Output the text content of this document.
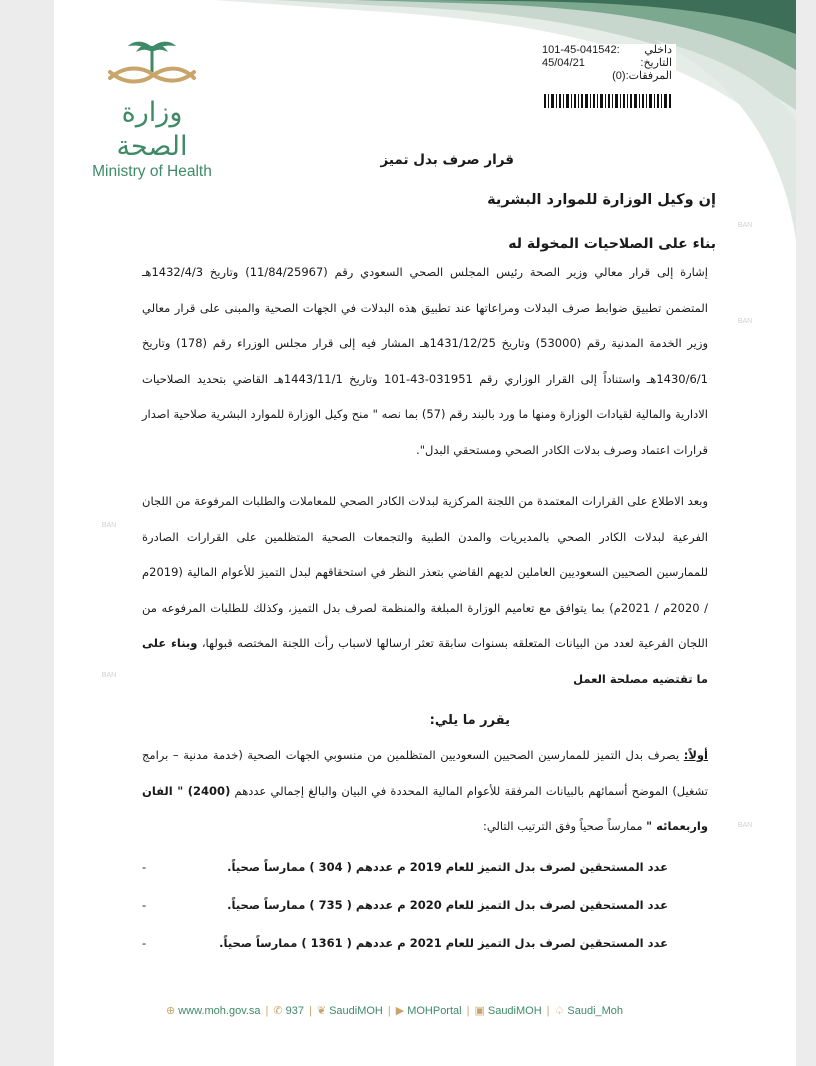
وزارة الصحة
Ministry of Health
داخلي
101-45-041542:
التاريخ:
45/04/21
المرفقات:(0)
BAN
BAN
BAN
BAN
BAN
BAN
قرار صرف بدل تميز
إن وكيل الوزارة للموارد البشرية
بناء على الصلاحيات المخولة له

إشارة إلى قرار معالي وزير الصحة رئيس المجلس الصحي السعودي رقم (11/84/25967) وتاريخ 1432/4/3هـ المتضمن تطبيق ضوابط صرف البدلات ومراعاتها عند تطبيق هذه البدلات في الجهات الصحية والمبنى على قرار معالي وزير الخدمة المدنية رقم (53000) وتاريخ 1431/12/25هـ المشار فيه إلى قرار مجلس الوزراء رقم (178) وتاريخ 1430/6/1هـ واستناداً إلى القرار الوزاري رقم 031951-43-101 وتاريخ 1443/11/1هـ القاضي بتحديد الصلاحيات الادارية والمالية لقيادات الوزارة ومنها ما ورد بالبند رقم (57) بما نصه " منح وكيل الوزارة للموارد البشرية صلاحية اصدار قرارات اعتماد وصرف بدلات الكادر الصحي ومستحقي البدل".

وبعد الاطلاع على القرارات المعتمدة من اللجنة المركزية لبدلات الكادر الصحي للمعاملات والطلبات المرفوعة من اللجان الفرعية لبدلات الكادر الصحي بالمديريات والمدن الطبية والتجمعات الصحية المتظلمين على القرارات الصادرة للممارسين الصحيين السعوديين العاملين لديهم القاضي بتعذر النظر في استحقاقهم لبدل التميز للأعوام المالية (2019م / 2020م / 2021م) بما يتوافق مع تعاميم الوزارة المبلغة والمنظمة لصرف بدل التميز، وكذلك للطلبات المرفوعه من اللجان الفرعية لعدد من البيانات المتعلقه بسنوات سابقة تعثر ارسالها لاسباب رأت اللجنة المختصه قبولها، وبناء على ما تقتضيه مصلحة العمل

يقرر ما يلي:

أولاً: يصرف بدل التميز للممارسين الصحيين السعوديين المتظلمين من منسوبي الجهات الصحية (خدمة مدنية – برامج تشغيل) الموضح أسمائهم بالبيانات المرفقة للأعوام المالية المحددة في البيان والبالغ إجمالي عددهم (2400) " الفان واربعمائه " ممارساً صحياً وفق الترتيب التالي:

عدد المستحقين لصرف بدل التميز للعام 2019 م عددهم ( 304 ) ممارساً صحياً.
-
عدد المستحقين لصرف بدل التميز للعام 2020 م عددهم ( 735 ) ممارساً صحياً.
-
عدد المستحقين لصرف بدل التميز للعام 2021 م عددهم ( 1361 ) ممارساً صحياً.
-
⊕ www.moh.gov.sa | ✆ 937 | ❦ SaudiMOH | ▶ MOHPortal | ▣ SaudiMOH | ♤ Saudi_Moh
